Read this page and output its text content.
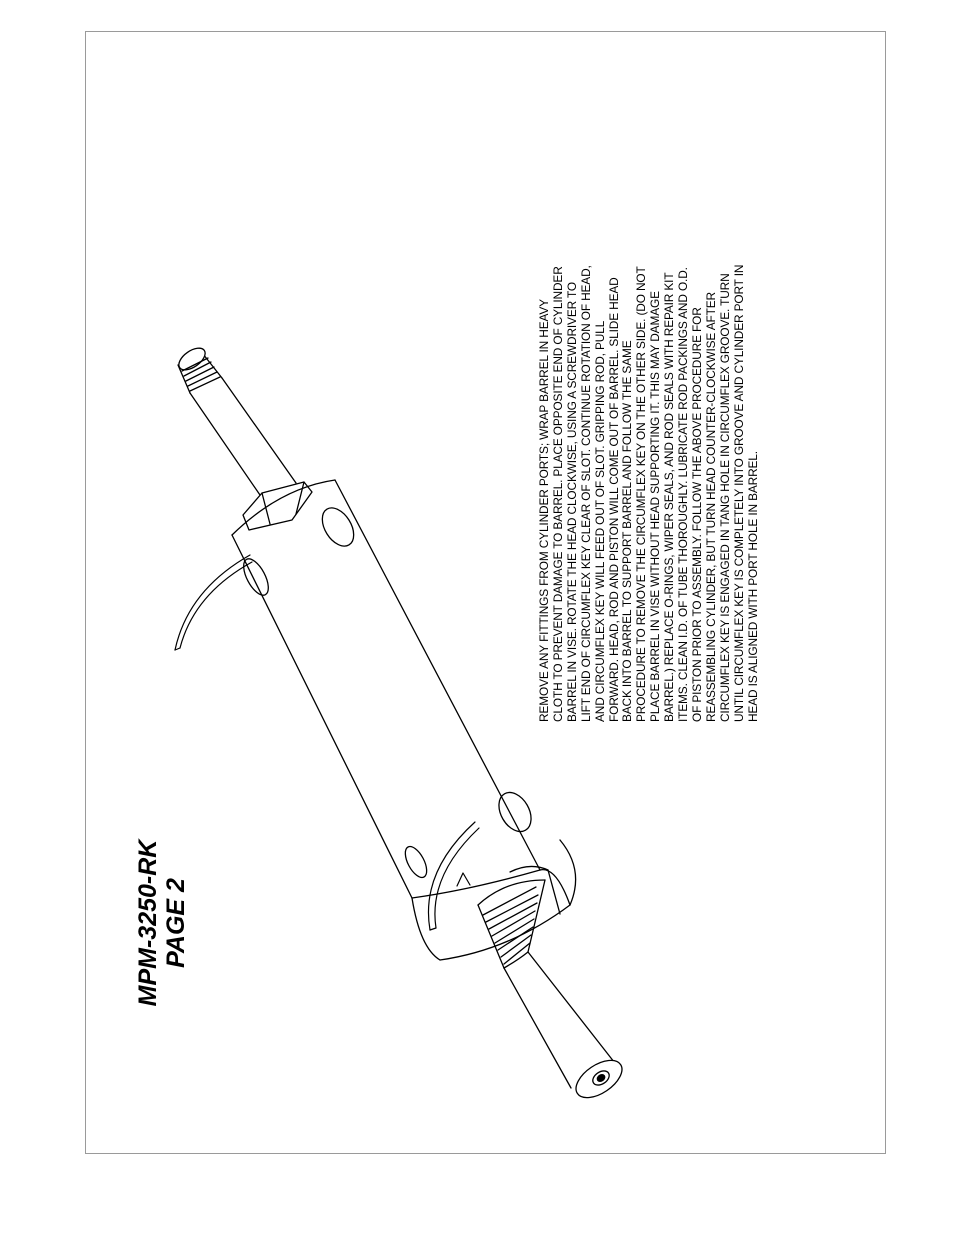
MPM-3250-RK PAGE 2
REMOVE ANY FITTINGS FROM CYLINDER PORTS; WRAP BARREL IN HEAVY CLOTH TO PREVENT DAMAGE TO BARREL. PLACE OPPOSITE END OF CYLINDER BARREL IN VISE. ROTATE THE HEAD CLOCKWISE, USING A SCREWDRIVER TO LIFT END OF CIRCUMFLEX KEY CLEAR OF SLOT. CONTINUE ROTATION OF HEAD, AND CIRCUMFLEX KEY WILL FEED OUT OF SLOT. GRIPPING ROD, PULL FORWARD. HEAD, ROD AND PISTON WILL COME OUT OF BARREL. SLIDE HEAD BACK INTO BARREL TO SUPPORT BARREL AND FOLLOW THE SAME PROCEDURE TO REMOVE THE CIRCUMFLEX KEY ON THE OTHER SIDE. (DO NOT PLACE BARREL IN VISE WITHOUT HEAD SUPPORTING IT. THIS MAY DAMAGE BARREL.) REPLACE O-RINGS, WIPER SEALS, AND ROD SEALS WITH REPAIR KIT ITEMS. CLEAN I.D. OF TUBE THOROUGHLY. LUBRICATE ROD PACKINGS AND O.D. OF PISTON PRIOR TO ASSEMBLY. FOLLOW THE ABOVE PROCEDURE FOR REASSEMBLING CYLINDER, BUT TURN HEAD COUNTER-CLOCKWISE AFTER CIRCUMFLEX KEY IS ENGAGED IN TANG HOLE IN CIRCUMFLEX GROOVE. TURN UNTIL CIRCUMFLEX KEY IS COMPLETELY INTO GROOVE AND CYLINDER PORT IN HEAD IS ALIGNED WITH PORT HOLE IN BARREL.
